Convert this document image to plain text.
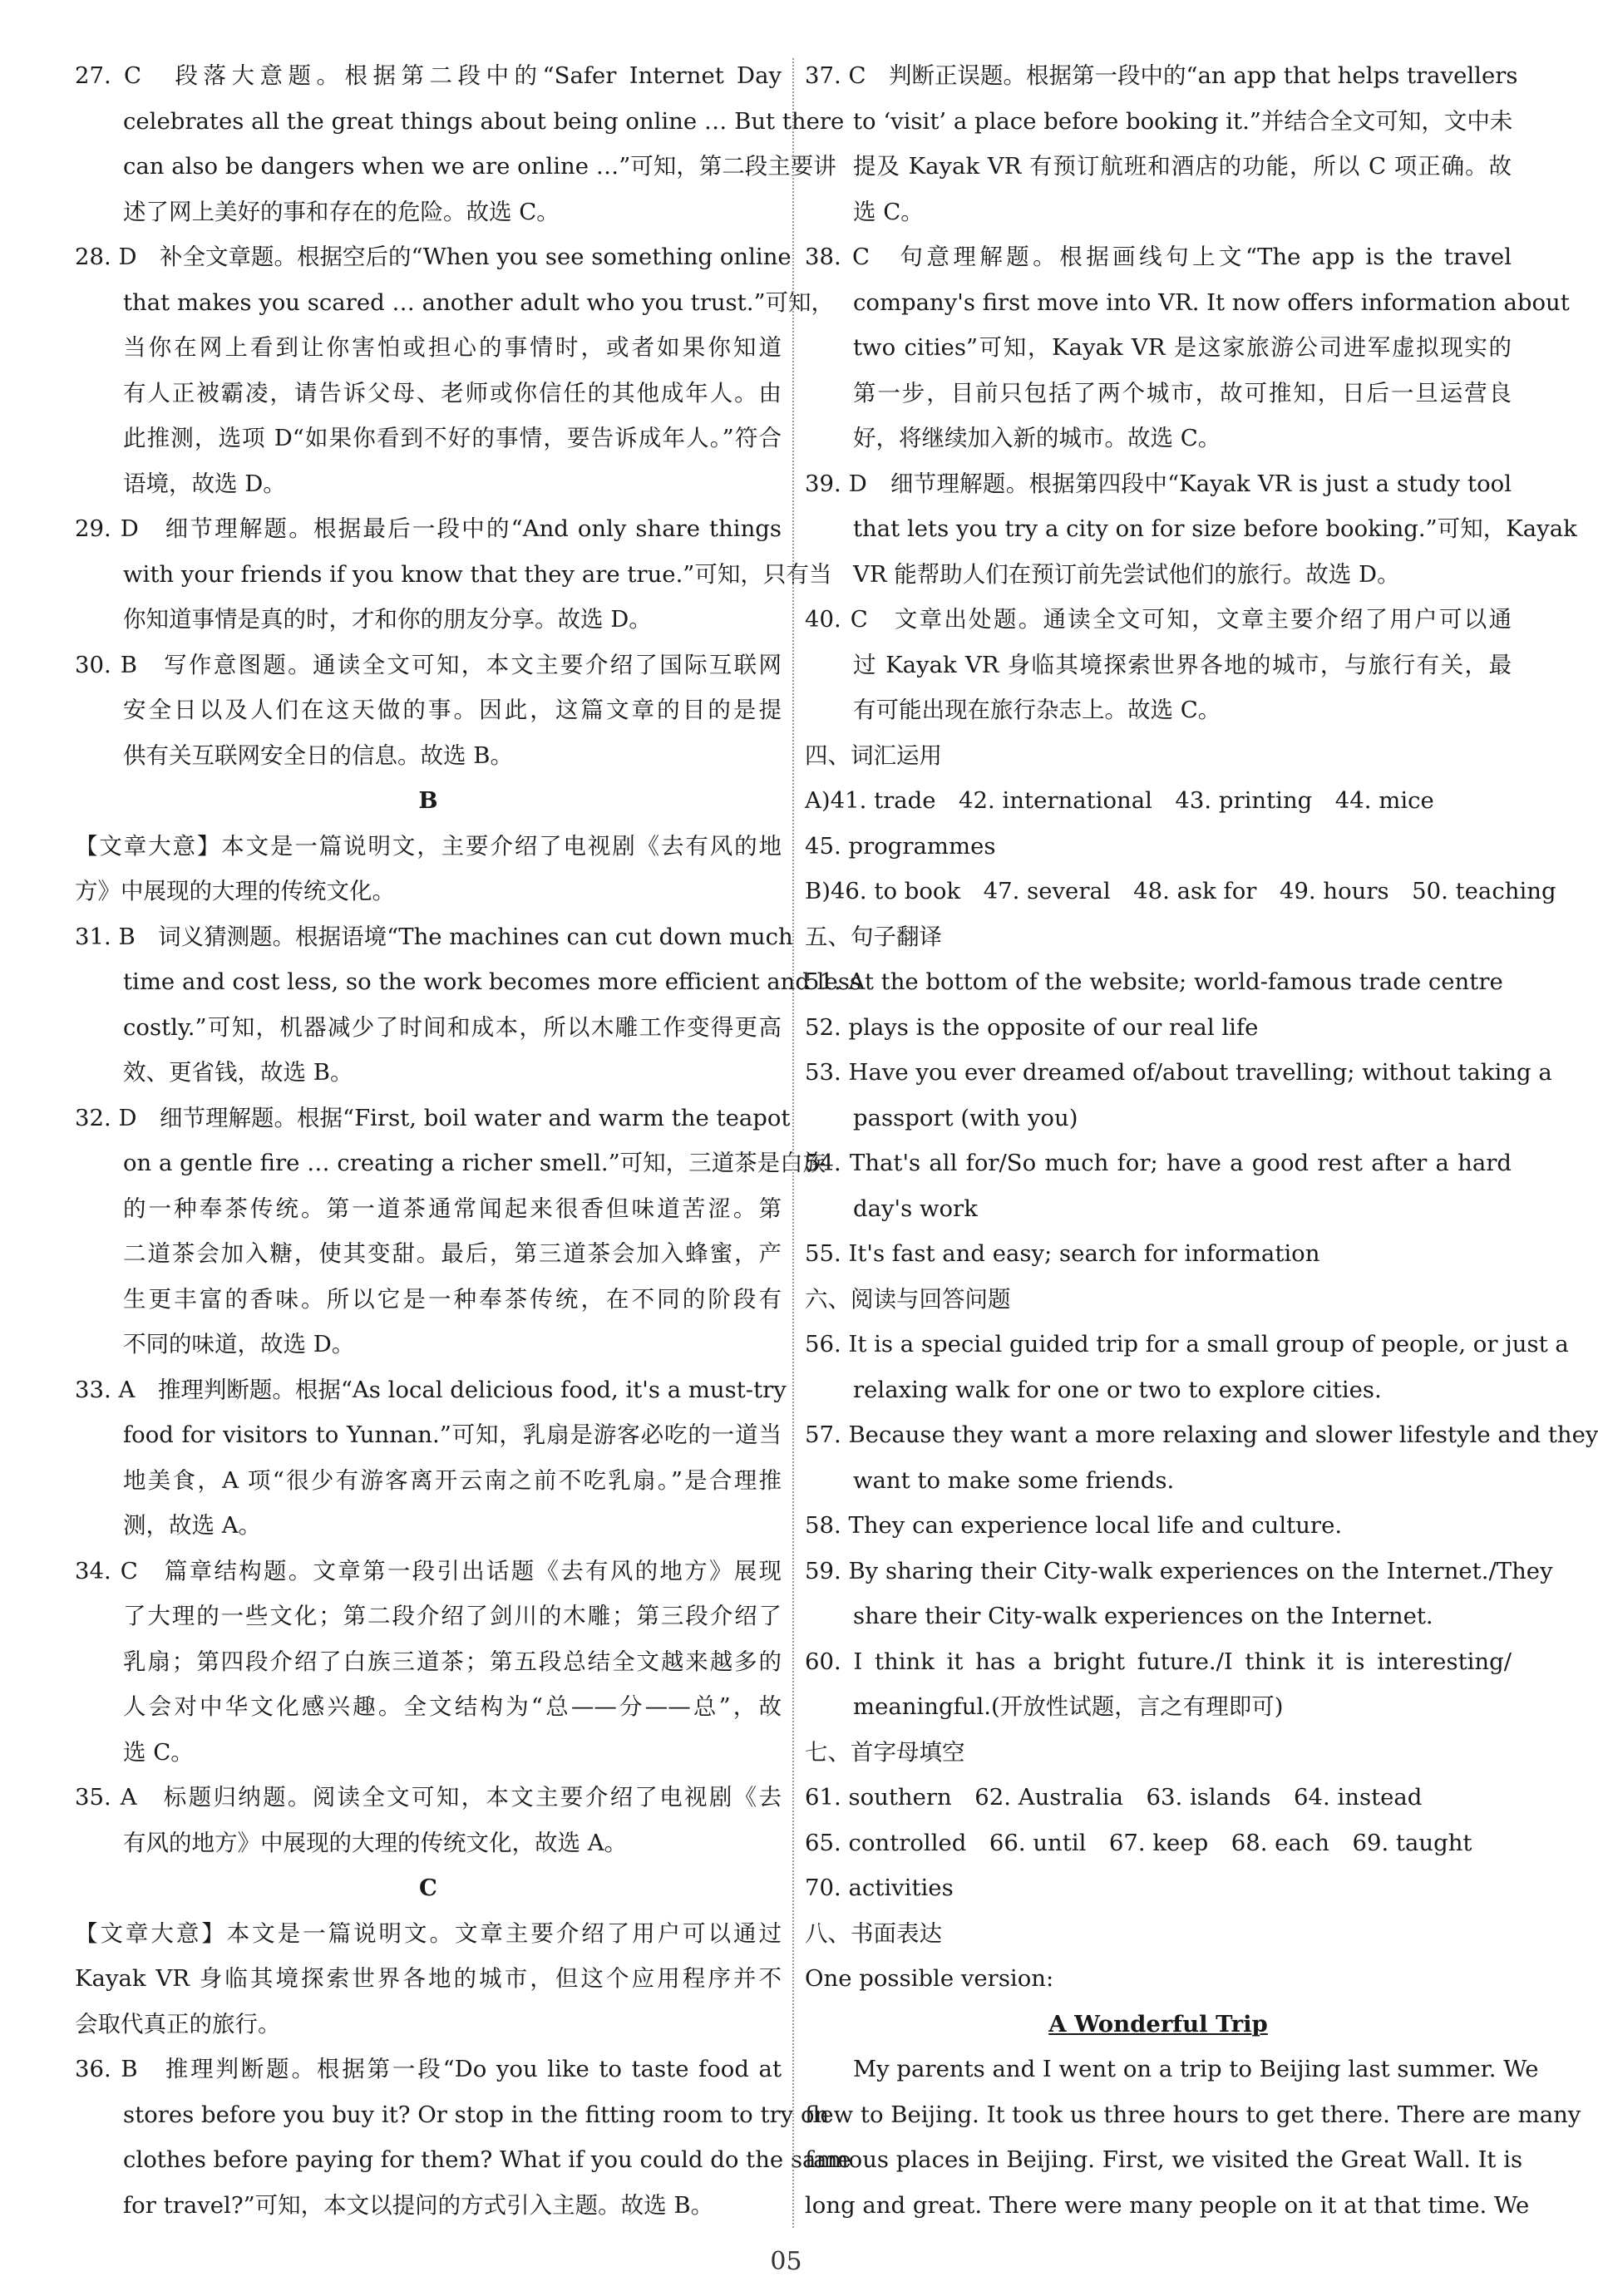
27. C　段落大意题。根据第二段中的“Safer Internet Day
celebrates all the great things about being online … But there
can also be dangers when we are online …”可知，第二段主要讲
述了网上美好的事和存在的危险。故选 C。
28. D　补全文章题。根据空后的“When you see something online
that makes you scared … another adult who you trust.”可知，
当你在网上看到让你害怕或担心的事情时，或者如果你知道
有人正被霸凌，请告诉父母、老师或你信任的其他成年人。由
此推测，选项 D“如果你看到不好的事情，要告诉成年人。”符合
语境，故选 D。
29. D　细节理解题。根据最后一段中的“And only share things
with your friends if you know that they are true.”可知，只有当
你知道事情是真的时，才和你的朋友分享。故选 D。
30. B　写作意图题。通读全文可知，本文主要介绍了国际互联网
安全日以及人们在这天做的事。因此，这篇文章的目的是提
供有关互联网安全日的信息。故选 B。
B
【文章大意】本文是一篇说明文，主要介绍了电视剧《去有风的地
方》中展现的大理的传统文化。
31. B　词义猜测题。根据语境“The machines can cut down much
time and cost less, so the work becomes more efficient and less
costly.”可知，机器减少了时间和成本，所以木雕工作变得更高
效、更省钱，故选 B。
32. D　细节理解题。根据“First, boil water and warm the teapot
on a gentle fire … creating a richer smell.”可知，三道茶是白族
的一种奉茶传统。第一道茶通常闻起来很香但味道苦涩。第
二道茶会加入糖，使其变甜。最后，第三道茶会加入蜂蜜，产
生更丰富的香味。所以它是一种奉茶传统，在不同的阶段有
不同的味道，故选 D。
33. A　推理判断题。根据“As local delicious food, it's a must-try
food for visitors to Yunnan.”可知，乳扇是游客必吃的一道当
地美食，A 项“很少有游客离开云南之前不吃乳扇。”是合理推
测，故选 A。
34. C　篇章结构题。文章第一段引出话题《去有风的地方》展现
了大理的一些文化；第二段介绍了剑川的木雕；第三段介绍了
乳扇；第四段介绍了白族三道茶；第五段总结全文越来越多的
人会对中华文化感兴趣。全文结构为“总——分——总”，故
选 C。
35. A　标题归纳题。阅读全文可知，本文主要介绍了电视剧《去
有风的地方》中展现的大理的传统文化，故选 A。
C
【文章大意】本文是一篇说明文。文章主要介绍了用户可以通过
Kayak VR 身临其境探索世界各地的城市，但这个应用程序并不
会取代真正的旅行。
36. B　推理判断题。根据第一段“Do you like to taste food at
stores before you buy it? Or stop in the fitting room to try on
clothes before paying for them? What if you could do the same
for travel?”可知，本文以提问的方式引入主题。故选 B。
37. C　判断正误题。根据第一段中的“an app that helps travellers
to ‘visit’ a place before booking it.”并结合全文可知，文中未
提及 Kayak VR 有预订航班和酒店的功能，所以 C 项正确。故
选 C。
38. C　句意理解题。根据画线句上文“The app is the travel
company's first move into VR. It now offers information about
two cities”可知，Kayak VR 是这家旅游公司进军虚拟现实的
第一步，目前只包括了两个城市，故可推知，日后一旦运营良
好，将继续加入新的城市。故选 C。
39. D　细节理解题。根据第四段中“Kayak VR is just a study tool
that lets you try a city on for size before booking.”可知，Kayak
VR 能帮助人们在预订前先尝试他们的旅行。故选 D。
40. C　文章出处题。通读全文可知，文章主要介绍了用户可以通
过 Kayak VR 身临其境探索世界各地的城市，与旅行有关，最
有可能出现在旅行杂志上。故选 C。
四、词汇运用
A)41. trade　42. international　43. printing　44. mice
45. programmes
B)46. to book　47. several　48. ask for　49. hours　50. teaching
五、句子翻译
51. At the bottom of the website; world-famous trade centre
52. plays is the opposite of our real life
53. Have you ever dreamed of/about travelling; without taking a
passport (with you)
54. That's all for/So much for; have a good rest after a hard
day's work
55. It's fast and easy; search for information
六、阅读与回答问题
56. It is a special guided trip for a small group of people, or just a
relaxing walk for one or two to explore cities.
57. Because they want a more relaxing and slower lifestyle and they
want to make some friends.
58. They can experience local life and culture.
59. By sharing their City-walk experiences on the Internet./They
share their City-walk experiences on the Internet.
60. I think it has a bright future./I think it is interesting/
meaningful.(开放性试题，言之有理即可)
七、首字母填空
61. southern　62. Australia　63. islands　64. instead
65. controlled　66. until　67. keep　68. each　69. taught
70. activities
八、书面表达
One possible version:
A Wonderful Trip
My parents and I went on a trip to Beijing last summer. We
flew to Beijing. It took us three hours to get there. There are many
famous places in Beijing. First, we visited the Great Wall. It is
long and great. There were many people on it at that time. We
05
